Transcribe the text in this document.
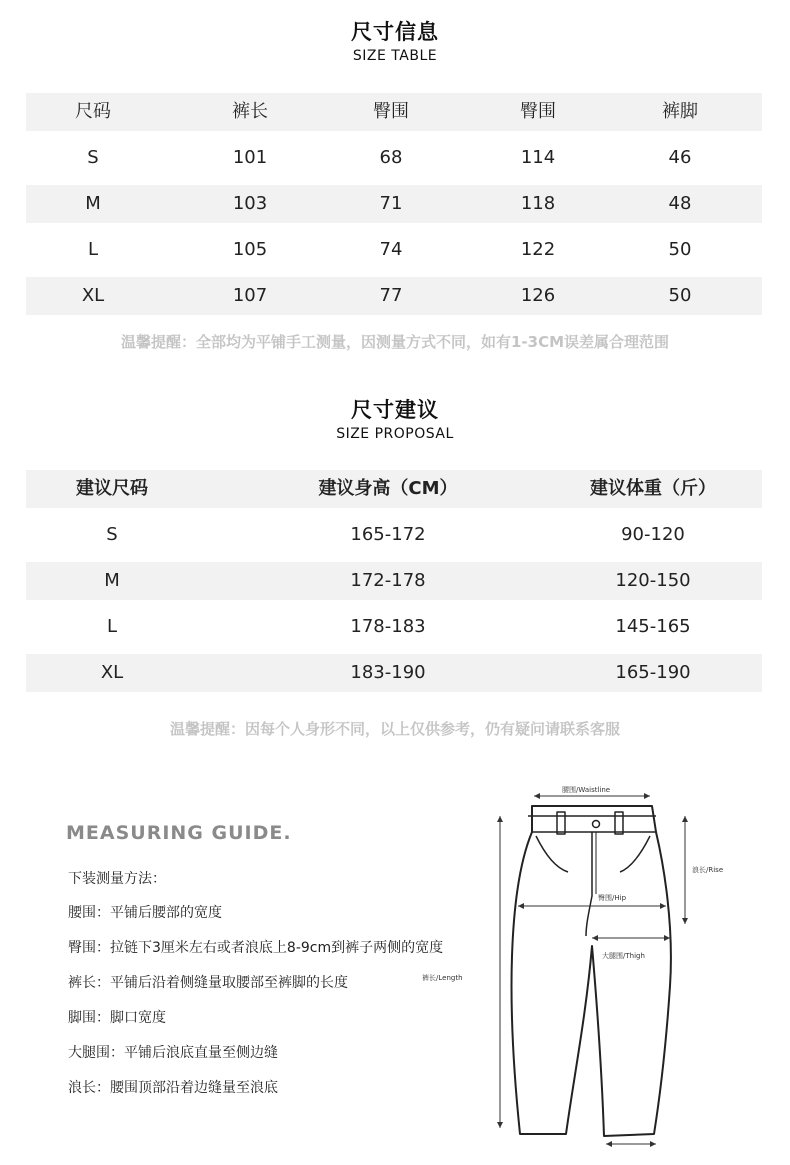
尺寸信息
SIZE TABLE
尺码	裤长	臀围	臀围	裤脚
S	101	68	114	46
M	103	71	118	48
L	105	74	122	50
XL	107	77	126	50
温馨提醒：全部均为平铺手工测量，因测量方式不同，如有1-3CM误差属合理范围
尺寸建议
SIZE PROPOSAL
建议尺码	建议身高（CM）	建议体重（斤）
S	165-172	90-120
M	172-178	120-150
L	178-183	145-165
XL	183-190	165-190
温馨提醒：因每个人身形不同，以上仅供参考，仍有疑问请联系客服
MEASURING GUIDE.
下装测量方法：
腰围：平铺后腰部的宽度
臀围：拉链下3厘米左右或者浪底上8-9cm到裤子两侧的宽度
裤长：平铺后沿着侧缝量取腰部至裤脚的长度
脚围：脚口宽度
大腿围：平铺后浪底直量至侧边缝
浪长：腰围顶部沿着边缝量至浪底
腰围/Waistline
浪长/Rise
臀围/Hip
大腿围/Thigh
裤长/Length
